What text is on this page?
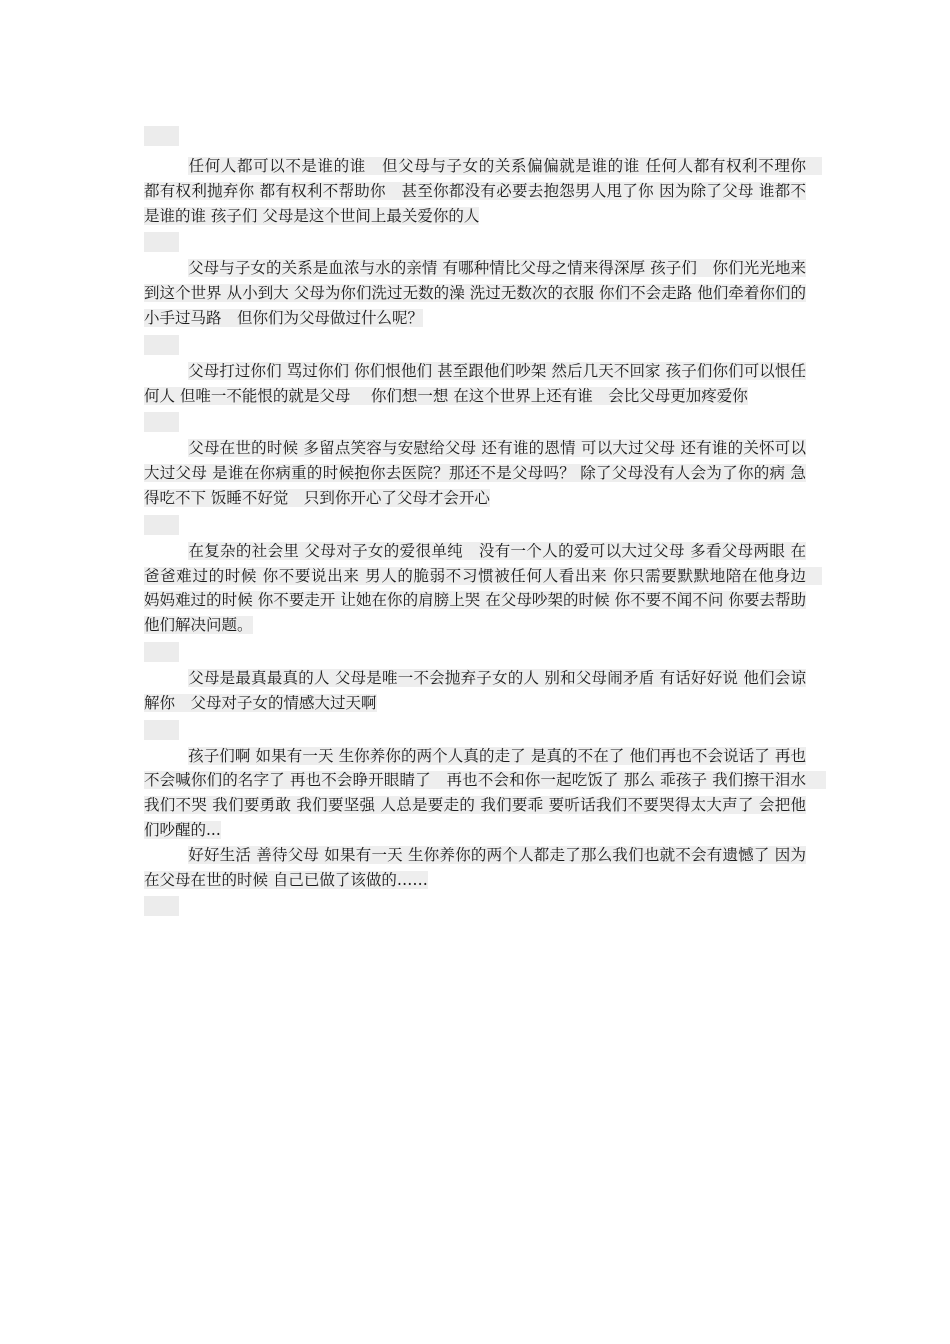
任何人都可以不是谁的谁　但父母与子女的关系偏偏就是谁的谁 任何人都有权利不理你　都有权利抛弃你 都有权利不帮助你　甚至你都没有必要去抱怨男人甩了你 因为除了父母 谁都不是谁的谁 孩子们 父母是这个世间上最关爱你的人

父母与子女的关系是血浓与水的亲情 有哪种情比父母之情来得深厚 孩子们　你们光光地来到这个世界 从小到大 父母为你们洗过无数的澡 洗过无数次的衣服 你们不会走路 他们牵着你们的小手过马路　但你们为父母做过什么呢？

父母打过你们 骂过你们 你们恨他们 甚至跟他们吵架 然后几天不回家 孩子们你们可以恨任何人 但唯一不能恨的就是父母　 你们想一想 在这个世界上还有谁　会比父母更加疼爱你

父母在世的时候 多留点笑容与安慰给父母 还有谁的恩情 可以大过父母 还有谁的关怀可以大过父母 是谁在你病重的时候抱你去医院？那还不是父母吗？ 除了父母没有人会为了你的病 急得吃不下 饭睡不好觉　只到你开心了父母才会开心

在复杂的社会里 父母对子女的爱很单纯　没有一个人的爱可以大过父母 多看父母两眼 在爸爸难过的时候 你不要说出来 男人的脆弱不习惯被任何人看出来 你只需要默默地陪在他身边　妈妈难过的时候 你不要走开 让她在你的肩膀上哭 在父母吵架的时候 你不要不闻不问 你要去帮助他们解决问题。

父母是最真最真的人 父母是唯一不会抛弃子女的人 别和父母闹矛盾 有话好好说 他们会谅解你　父母对子女的情感大过天啊

孩子们啊 如果有一天 生你养你的两个人真的走了 是真的不在了 他们再也不会说话了 再也不会喊你们的名字了 再也不会睁开眼睛了　再也不会和你一起吃饭了 那么 乖孩子 我们擦干泪水　 我们不哭 我们要勇敢 我们要坚强 人总是要走的 我们要乖 要听话我们不要哭得太大声了 会把他们吵醒的...

好好生活 善待父母 如果有一天 生你养你的两个人都走了那么我们也就不会有遗憾了 因为在父母在世的时候 自己已做了该做的……
